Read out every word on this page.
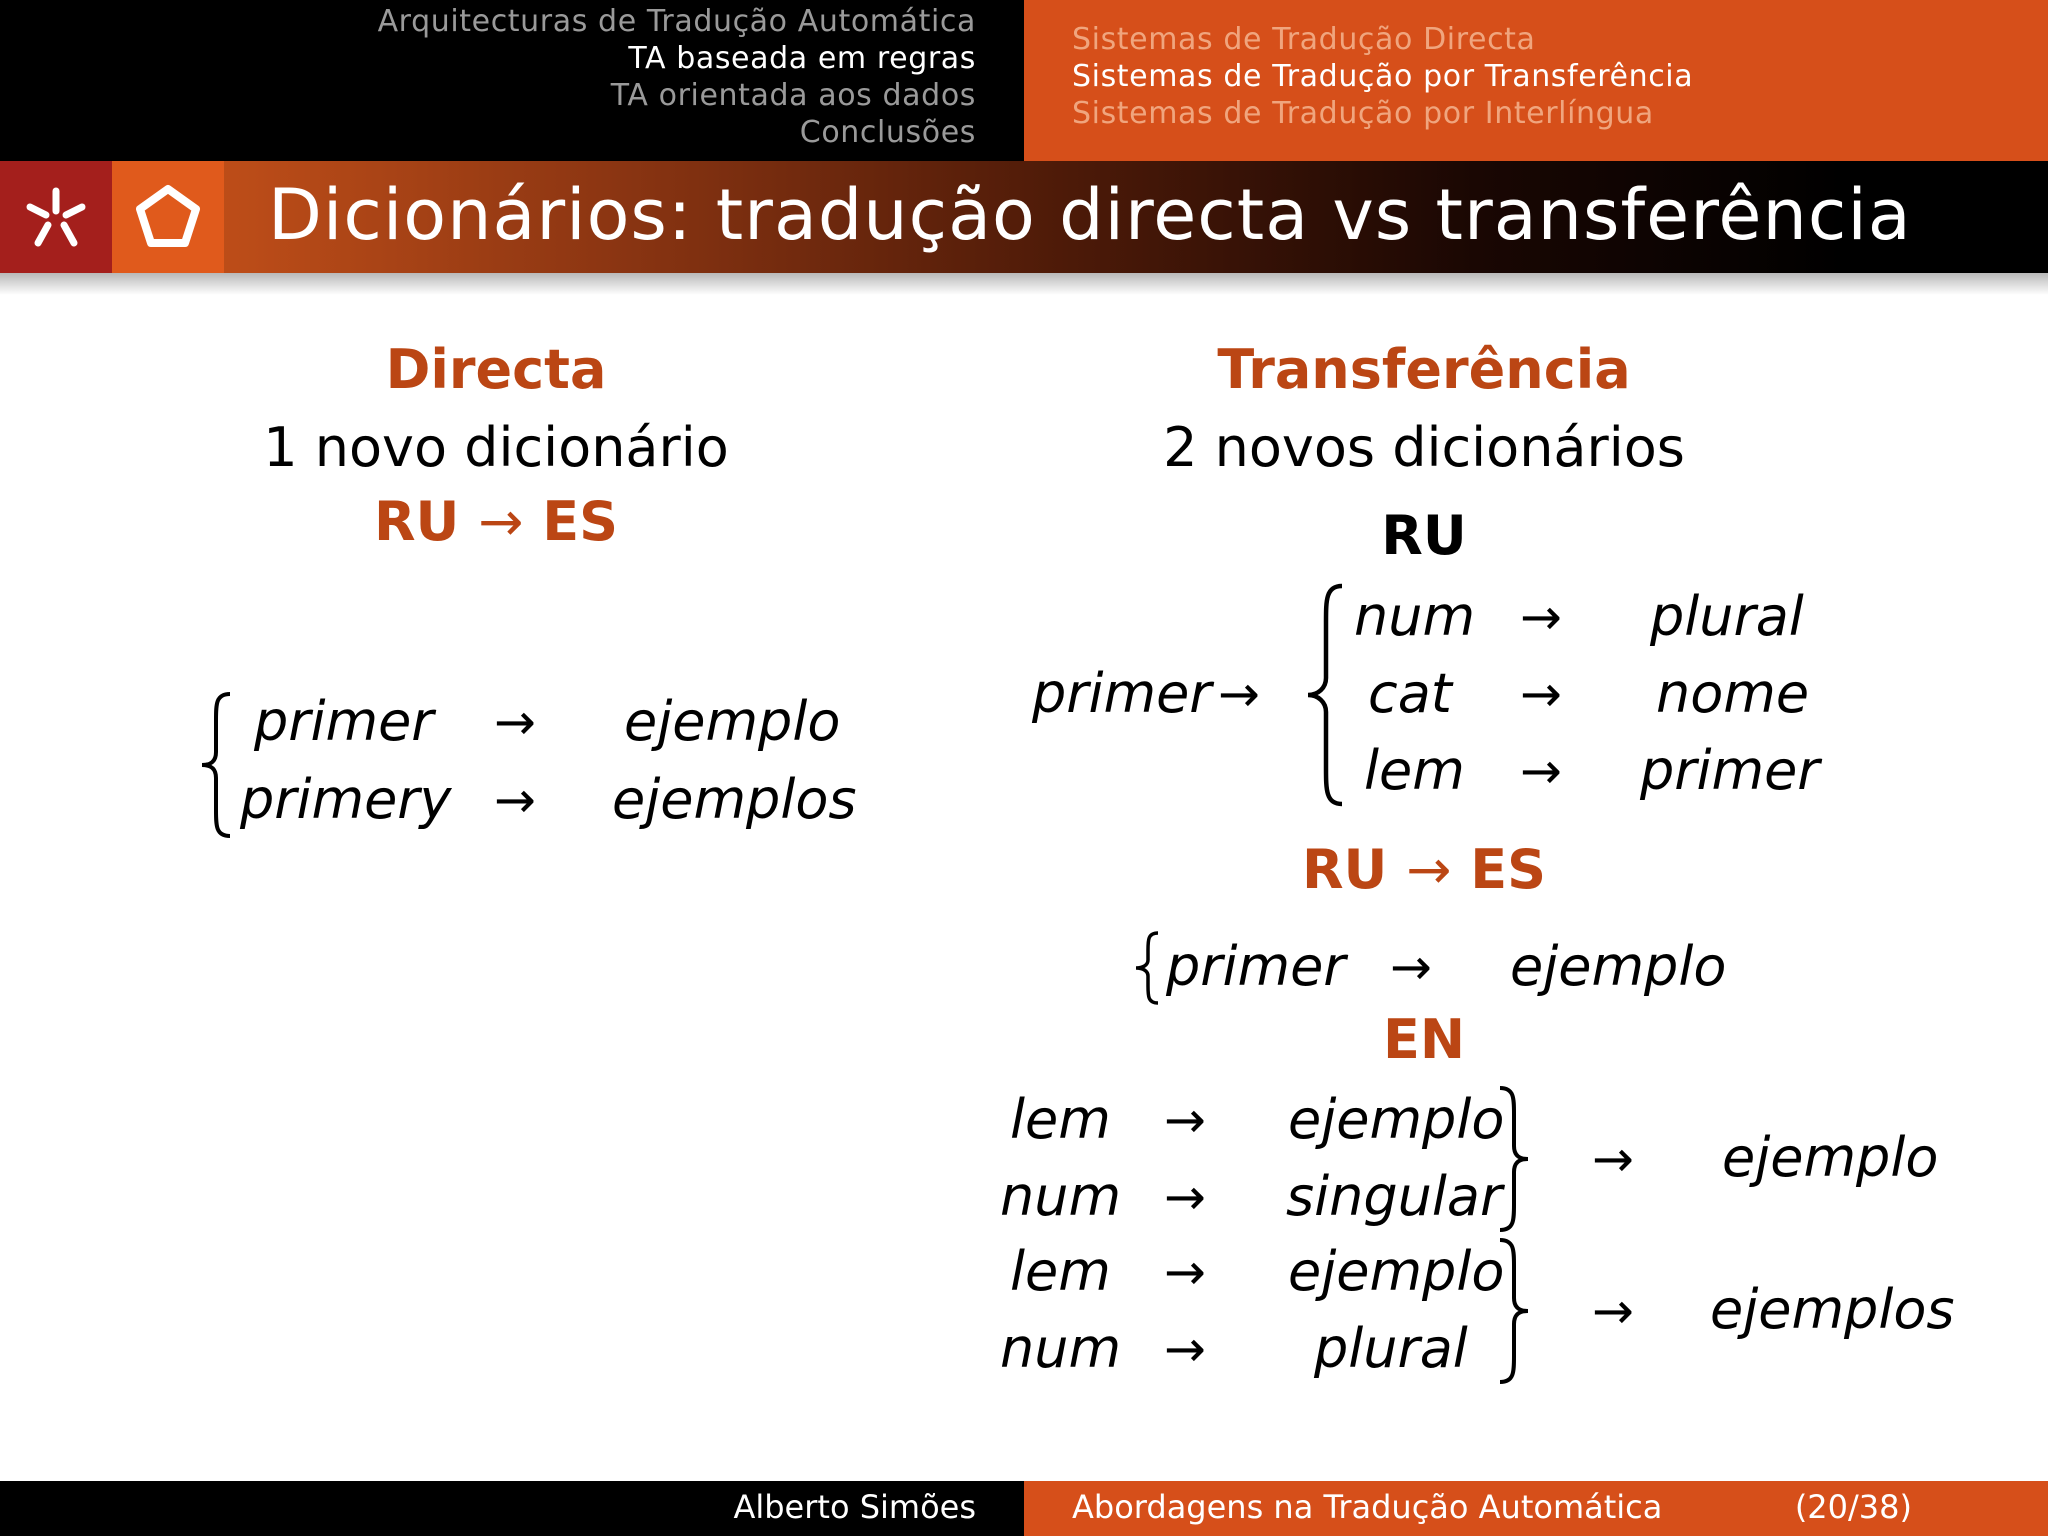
Arquitecturas de Tradução Automática
TA baseada em regras
TA orientada aos dados
Conclusões
Sistemas de Tradução Directa
Sistemas de Tradução por Transferência
Sistemas de Tradução por Interlíngua
Dicionários: tradução directa vs transferência
Directa
1 novo dicionário
RU → ES
primer → ejemplo
primery → ejemplos
Transferência
2 novos dicionários
RU
primer →
num → plural
cat → nome
lem → primer
RU → ES
primer → ejemplo
EN
lem → ejemplo
num → singular
→ ejemplo
lem → ejemplo
num → plural
→ ejemplos
Alberto Simões	Abordagens na Tradução Automática	(20/38)
